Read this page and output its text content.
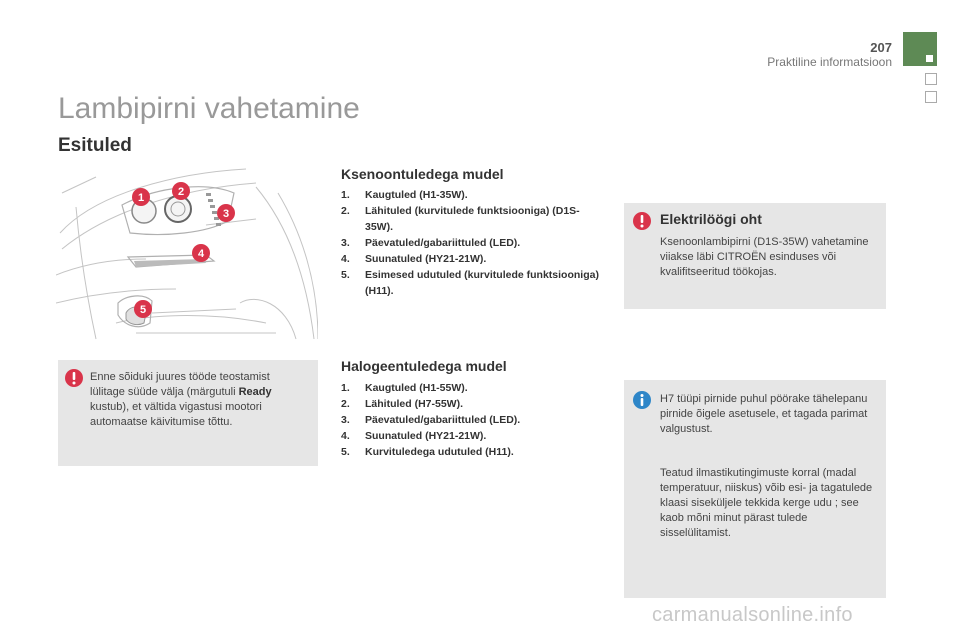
207
Praktiline informatsioon
Lambipirni vahetamine
Esituled
1	2
3
4
5
Enne sõiduki juures tööde teostamist lülitage süüde välja (märgutuli Ready kustub), et vältida vigastusi mootori automaatse käivitumise tõttu.
Ksenoontuledega mudel
1. Kaugtuled (H1-35W).
2. Lähituled (kurvitulede funktsiooniga) (D1S-35W).
3. Päevatuled/gabariittuled (LED).
4. Suunatuled (HY21-21W).
5. Esimesed udutuled (kurvitulede funktsiooniga) (H11).
Halogeentuledega mudel
1. Kaugtuled (H1-55W).
2. Lähituled (H7-55W).
3. Päevatuled/gabariittuled (LED).
4. Suunatuled (HY21-21W).
5. Kurvituledega udutuled (H11).
Elektrilöögi oht
Ksenoonlambipirni (D1S-35W) vahetamine viiakse läbi CITROËN esinduses või kvalifitseeritud töökojas.
H7 tüüpi pirnide puhul pöörake tähelepanu pirnide õigele asetusele, et tagada parimat valgustust.
Teatud ilmastikutingimuste korral (madal temperatuur, niiskus) võib esi- ja tagatulede klaasi siseküljele tekkida kerge udu ; see kaob mõni minut pärast tulede sisselülitamist.
carmanualsonline.info
